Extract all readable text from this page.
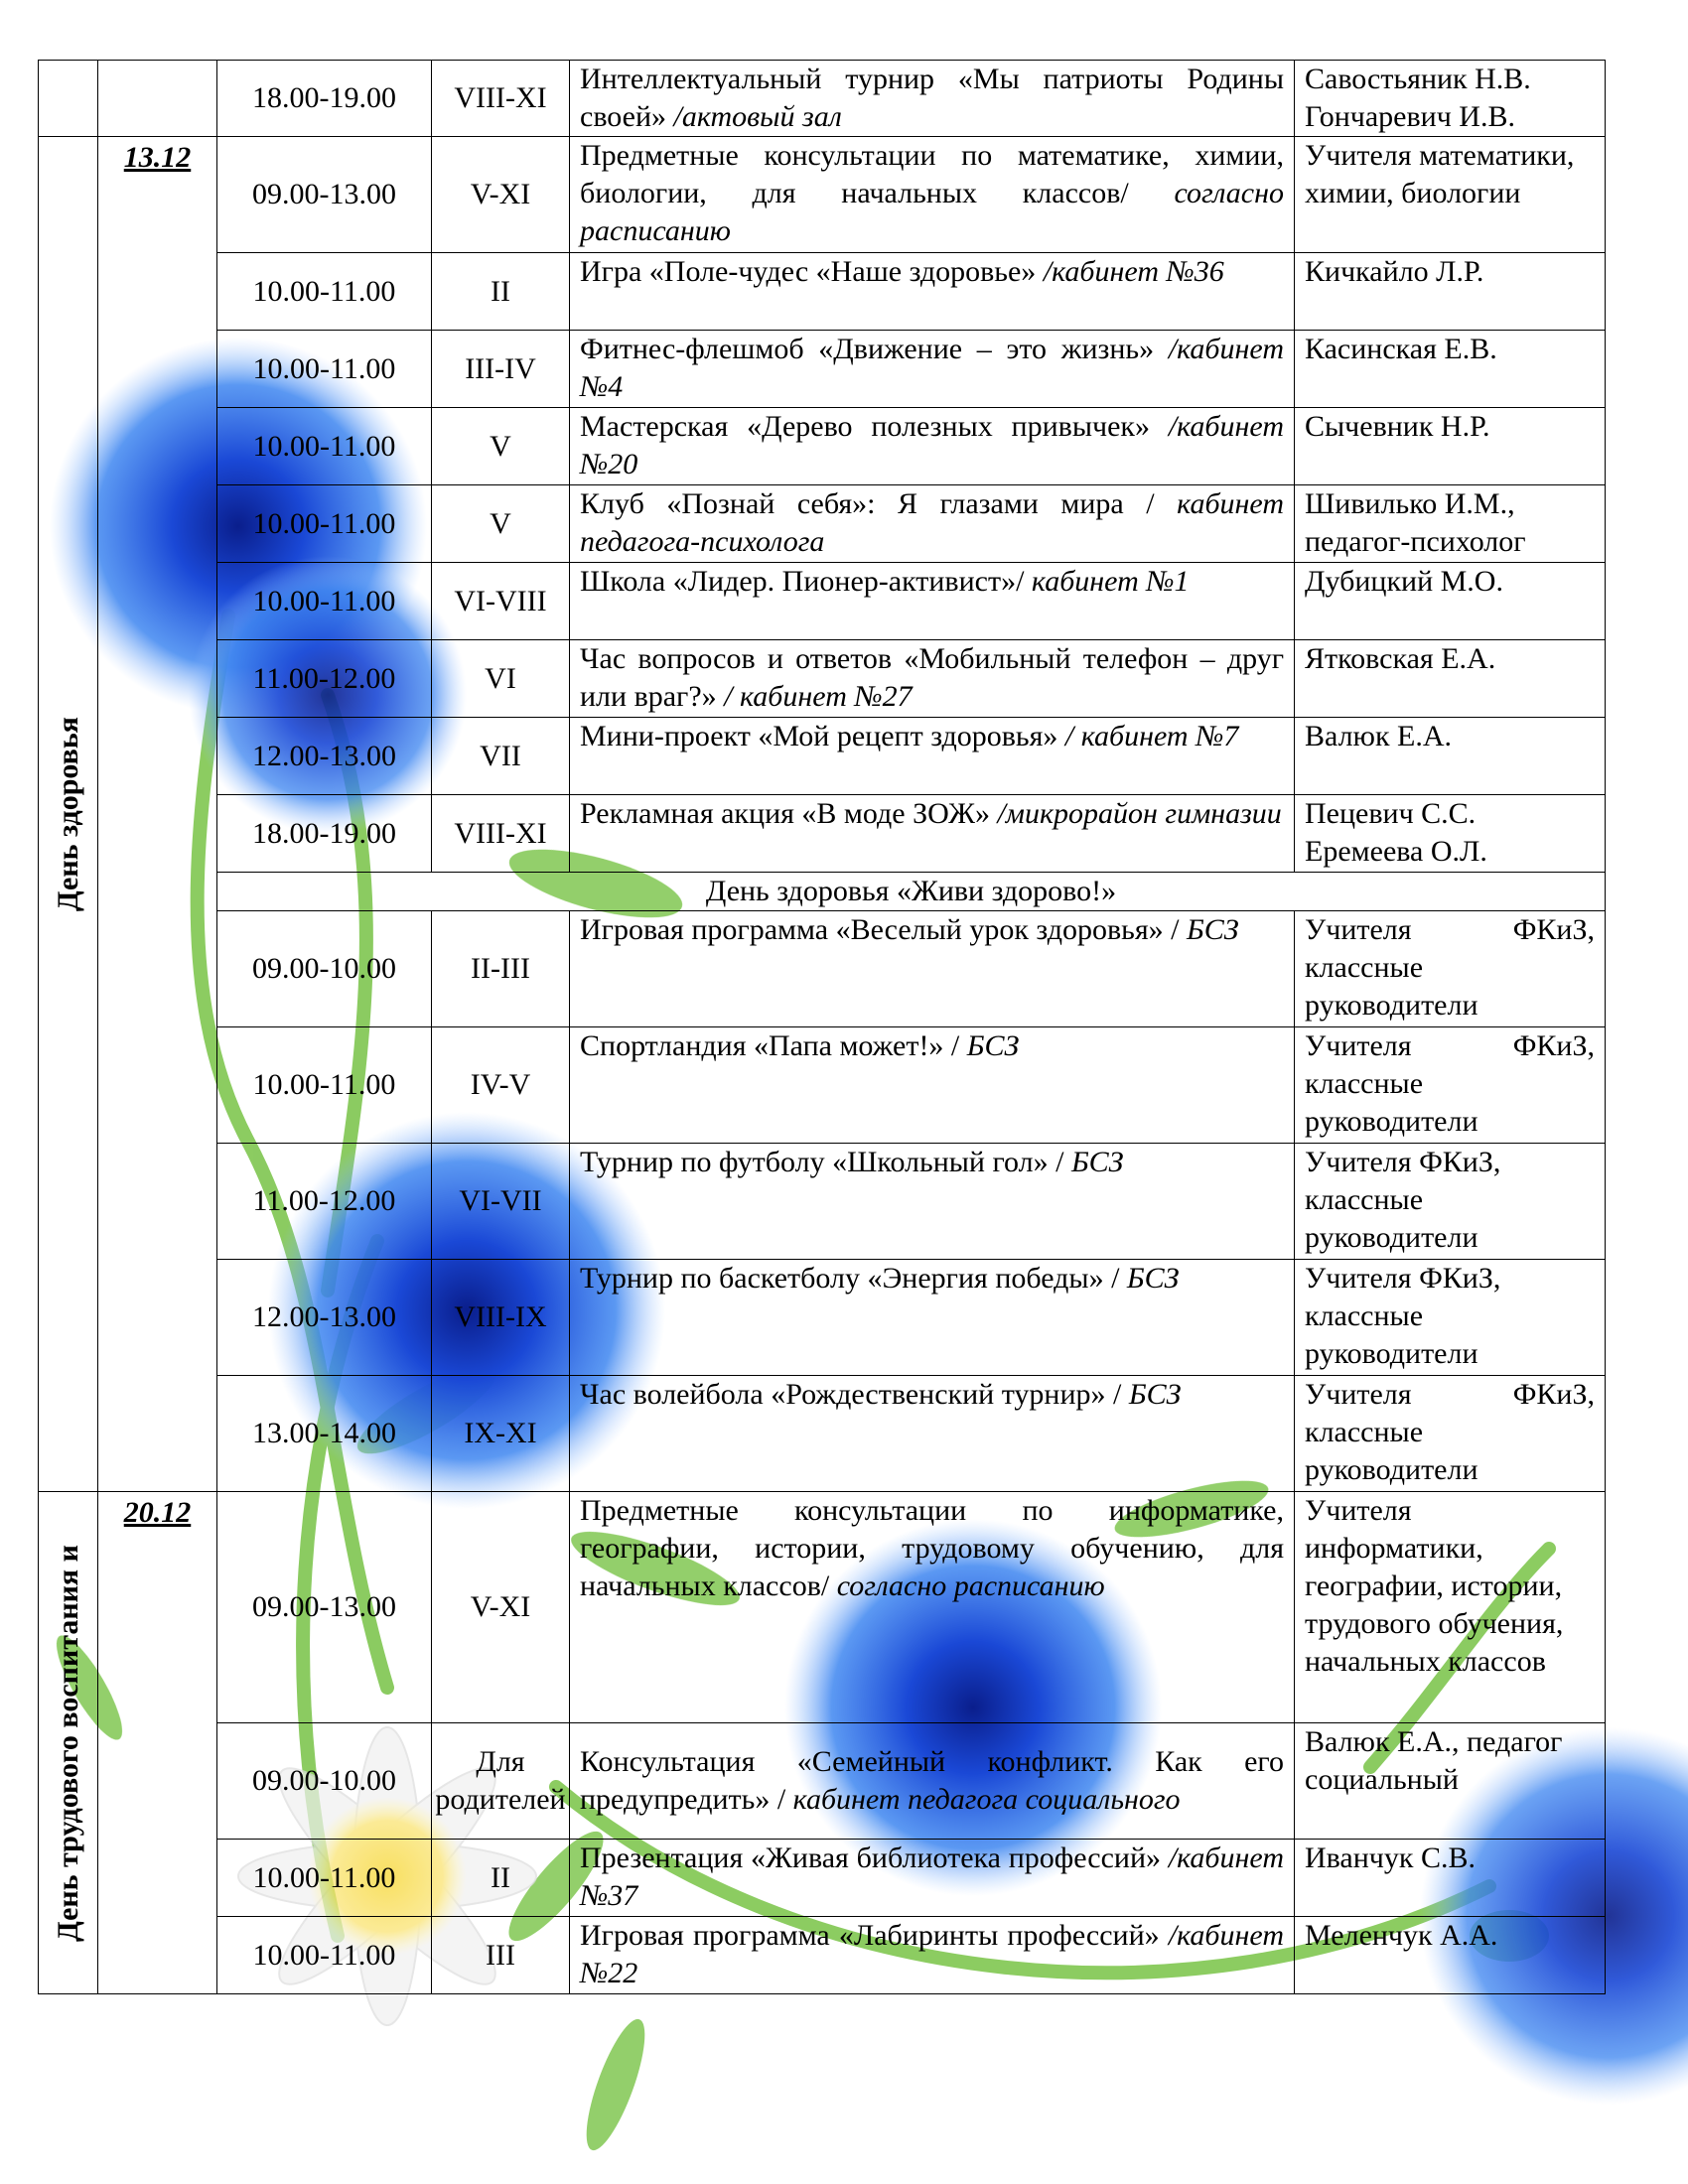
		18.00-19.00	VIII-XI	Интеллектуальный турнир «Мы патриоты Родины своей» /актовый зал	Савостьяник Н.В. Гончаревич И.В.

День здоровья	13.12	09.00-13.00	V-XI	Предметные консультации по математике, химии, биологии, для начальных классов/ согласно расписанию	Учителя математики, химии, биологии
		10.00-11.00	II	Игра «Поле-чудес «Наше здоровье» /кабинет №36	Кичкайло Л.Р.
		10.00-11.00	III-IV	Фитнес-флешмоб «Движение – это жизнь» /кабинет №4	Касинская Е.В.
		10.00-11.00	V	Мастерская «Дерево полезных привычек» /кабинет №20	Сычевник Н.Р.
		10.00-11.00	V	Клуб «Познай себя»: Я глазами мира / кабинет педагога-психолога	Шивилько И.М., педагог-психолог
		10.00-11.00	VI-VIII	Школа «Лидер. Пионер-активист»/ кабинет №1	Дубицкий М.О.
		11.00-12.00	VI	Час вопросов и ответов «Мобильный телефон – друг или враг?» / кабинет №27	Ятковская Е.А.
		12.00-13.00	VII	Мини-проект «Мой рецепт здоровья» / кабинет №7	Валюк Е.А.
		18.00-19.00	VIII-XI	Рекламная акция «В моде ЗОЖ» /микрорайон гимназии	Пецевич С.С. Еремеева О.Л.
		День здоровья «Живи здорово!»			
		09.00-10.00	II-III	Игровая программа «Веселый урок здоровья» / БСЗ	Учителя ФКиЗ, классные руководители
		10.00-11.00	IV-V	Спортландия «Папа может!» / БСЗ	Учителя ФКиЗ, классные руководители
		11.00-12.00	VI-VII	Турнир по футболу «Школьный гол» / БСЗ	Учителя ФКиЗ, классные руководители
		12.00-13.00	VIII-IX	Турнир по баскетболу «Энергия победы» / БСЗ	Учителя ФКиЗ, классные руководители
		13.00-14.00	IX-XI	Час волейбола «Рождественский турнир» / БСЗ	Учителя ФКиЗ, классные руководители

День трудового воспитания и	20.12	09.00-13.00	V-XI	Предметные консультации по информатике, географии, истории, трудовому обучению, для начальных классов/ согласно расписанию	Учителя информатики, географии, истории, трудового обучения, начальных классов
		09.00-10.00	Для родителей	Консультация «Семейный конфликт. Как его предупредить» / кабинет педагога социального	Валюк Е.А., педагог социальный
		10.00-11.00	II	Презентация «Живая библиотека профессий» /кабинет №37	Иванчук С.В.
		10.00-11.00	III	Игровая программа «Лабиринты профессий» /кабинет №22	Меленчук А.А.
